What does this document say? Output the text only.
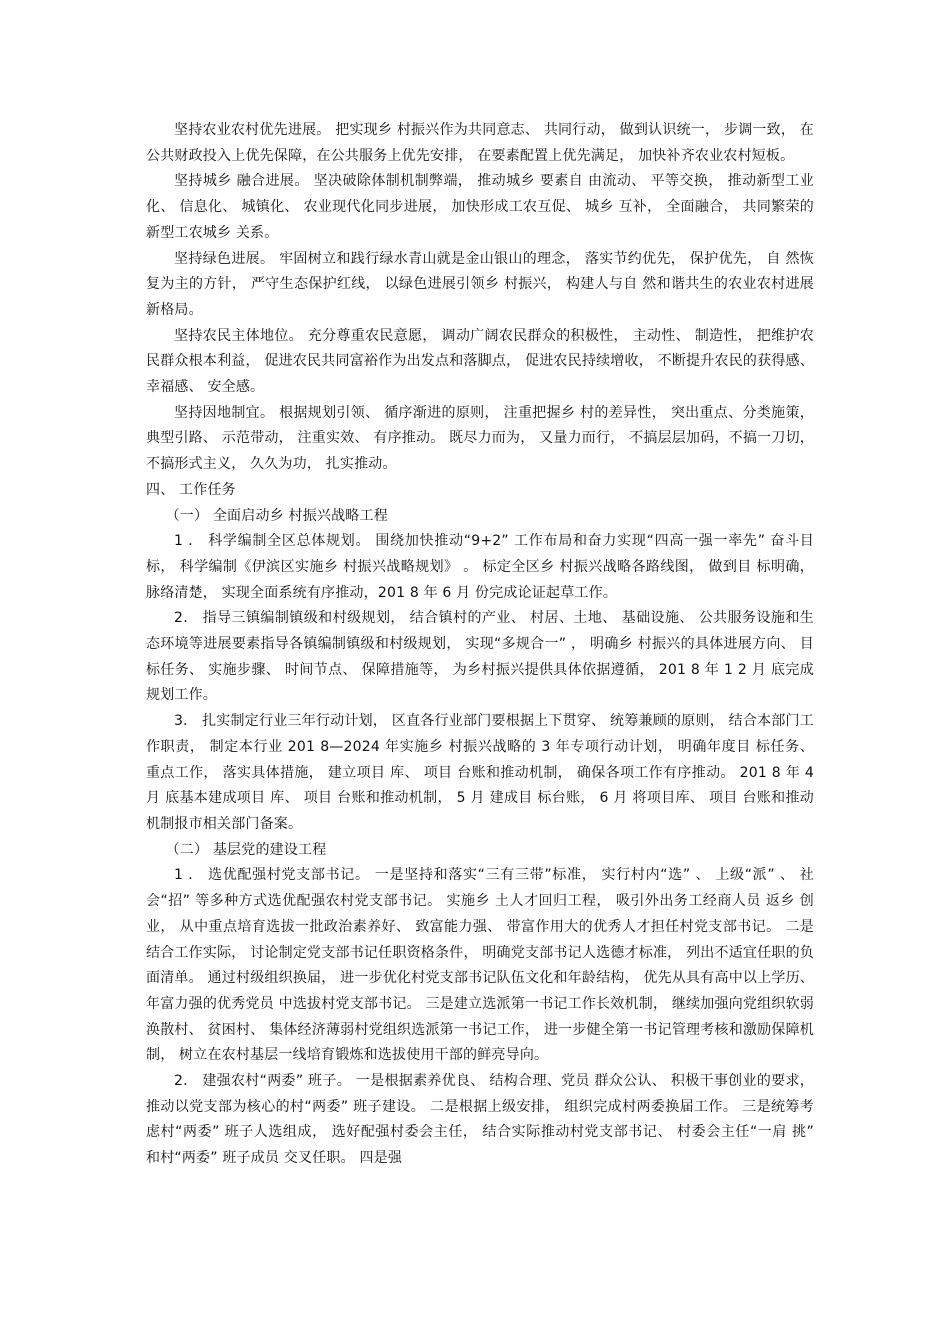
坚持农业农村优先进展。 把实现乡 村振兴作为共同意志、 共同行动， 做到认识统一， 步调一致， 在公共财政投入上优先保障，在公共服务上优先安排， 在要素配置上优先满足， 加快补齐农业农村短板。

坚持城乡 融合进展。 坚决破除体制机制弊端， 推动城乡 要素自 由流动、 平等交换， 推动新型工业化、 信息化、 城镇化、 农业现代化同步进展， 加快形成工农互促、 城乡 互补， 全面融合， 共同繁荣的新型工农城乡 关系。

坚持绿色进展。 牢固树立和践行绿水青山就是金山银山的理念， 落实节约优先， 保护优先， 自 然恢复为主的方针， 严守生态保护红线， 以绿色进展引领乡 村振兴， 构建人与自 然和谐共生的农业农村进展新格局。

坚持农民主体地位。 充分尊重农民意愿， 调动广阔农民群众的积极性， 主动性、 制造性， 把维护农民群众根本利益， 促进农民共同富裕作为出发点和落脚点， 促进农民持续增收， 不断提升农民的获得感、 幸福感、 安全感。

坚持因地制宜。 根据规划引领、 循序渐进的原则， 注重把握乡 村的差异性， 突出重点、分类施策， 典型引路、 示范带动， 注重实效、 有序推动。 既尽力而为， 又量力而行， 不搞层层加码，不搞一刀切， 不搞形式主义， 久久为功， 扎实推动。

四、 工作任务

（一） 全面启动乡 村振兴战略工程

1 ． 科学编制全区总体规划。 围绕加快推动“9+2” 工作布局和奋力实现“四高一强一率先” 奋斗目 标， 科学编制《伊滨区实施乡 村振兴战略规划》 。 标定全区乡 村振兴战略各路线图， 做到目 标明确， 脉络清楚， 实现全面系统有序推动，201 8 年 6 月 份完成论证起草工作。

2． 指导三镇编制镇级和村级规划， 结合镇村的产业、 村居、土地、 基础设施、 公共服务设施和生态环境等进展要素指导各镇编制镇级和村级规划， 实现“多规合一” ， 明确乡 村振兴的具体进展方向、 目 标任务、 实施步骤、 时间节点、 保障措施等， 为乡村振兴提供具体依据遵循， 201 8 年 1 2 月 底完成规划工作。

3． 扎实制定行业三年行动计划， 区直各行业部门要根据上下贯穿、 统筹兼顾的原则， 结合本部门工作职责， 制定本行业 201 8—2024 年实施乡 村振兴战略的 3 年专项行动计划， 明确年度目 标任务、 重点工作， 落实具体措施， 建立项目 库、 项目 台账和推动机制， 确保各项工作有序推动。 201 8 年 4 月 底基本建成项目 库、 项目 台账和推动机制， 5 月 建成目 标台账， 6 月 将项目库、 项目 台账和推动机制报市相关部门备案。

（二） 基层党的建设工程

1 ． 选优配强村党支部书记。 一是坚持和落实“三有三带”标准， 实行村内“选” 、 上级“派” 、 社会“招” 等多种方式选优配强农村党支部书记。 实施乡 土人才回归工程， 吸引外出务工经商人员 返乡 创业， 从中重点培育选拔一批政治素养好、 致富能力强、 带富作用大的优秀人才担任村党支部书记。 二是结合工作实际， 讨论制定党支部书记任职资格条件， 明确党支部书记人选德才标准， 列出不适宜任职的负 面清单。 通过村级组织换届， 进一步优化村党支部书记队伍文化和年龄结构， 优先从具有高中以上学历、 年富力强的优秀党员 中选拔村党支部书记。 三是建立选派第一书记工作长效机制， 继续加强向党组织软弱涣散村、 贫困村、 集体经济薄弱村党组织选派第一书记工作， 进一步健全第一书记管理考核和激励保障机制， 树立在农村基层一线培育锻炼和选拔使用干部的鲜亮导向。

2． 建强农村“两委” 班子。 一是根据素养优良、 结构合理、党员 群众公认、 积极干事创业的要求， 推动以党支部为核心的村“两委” 班子建设。 二是根据上级安排， 组织完成村两委换届工作。 三是统筹考虑村“两委” 班子人选组成， 选好配强村委会主任， 结合实际推动村党支部书记、 村委会主任“一肩 挑” 和村“两委” 班子成员 交叉任职。 四是强
